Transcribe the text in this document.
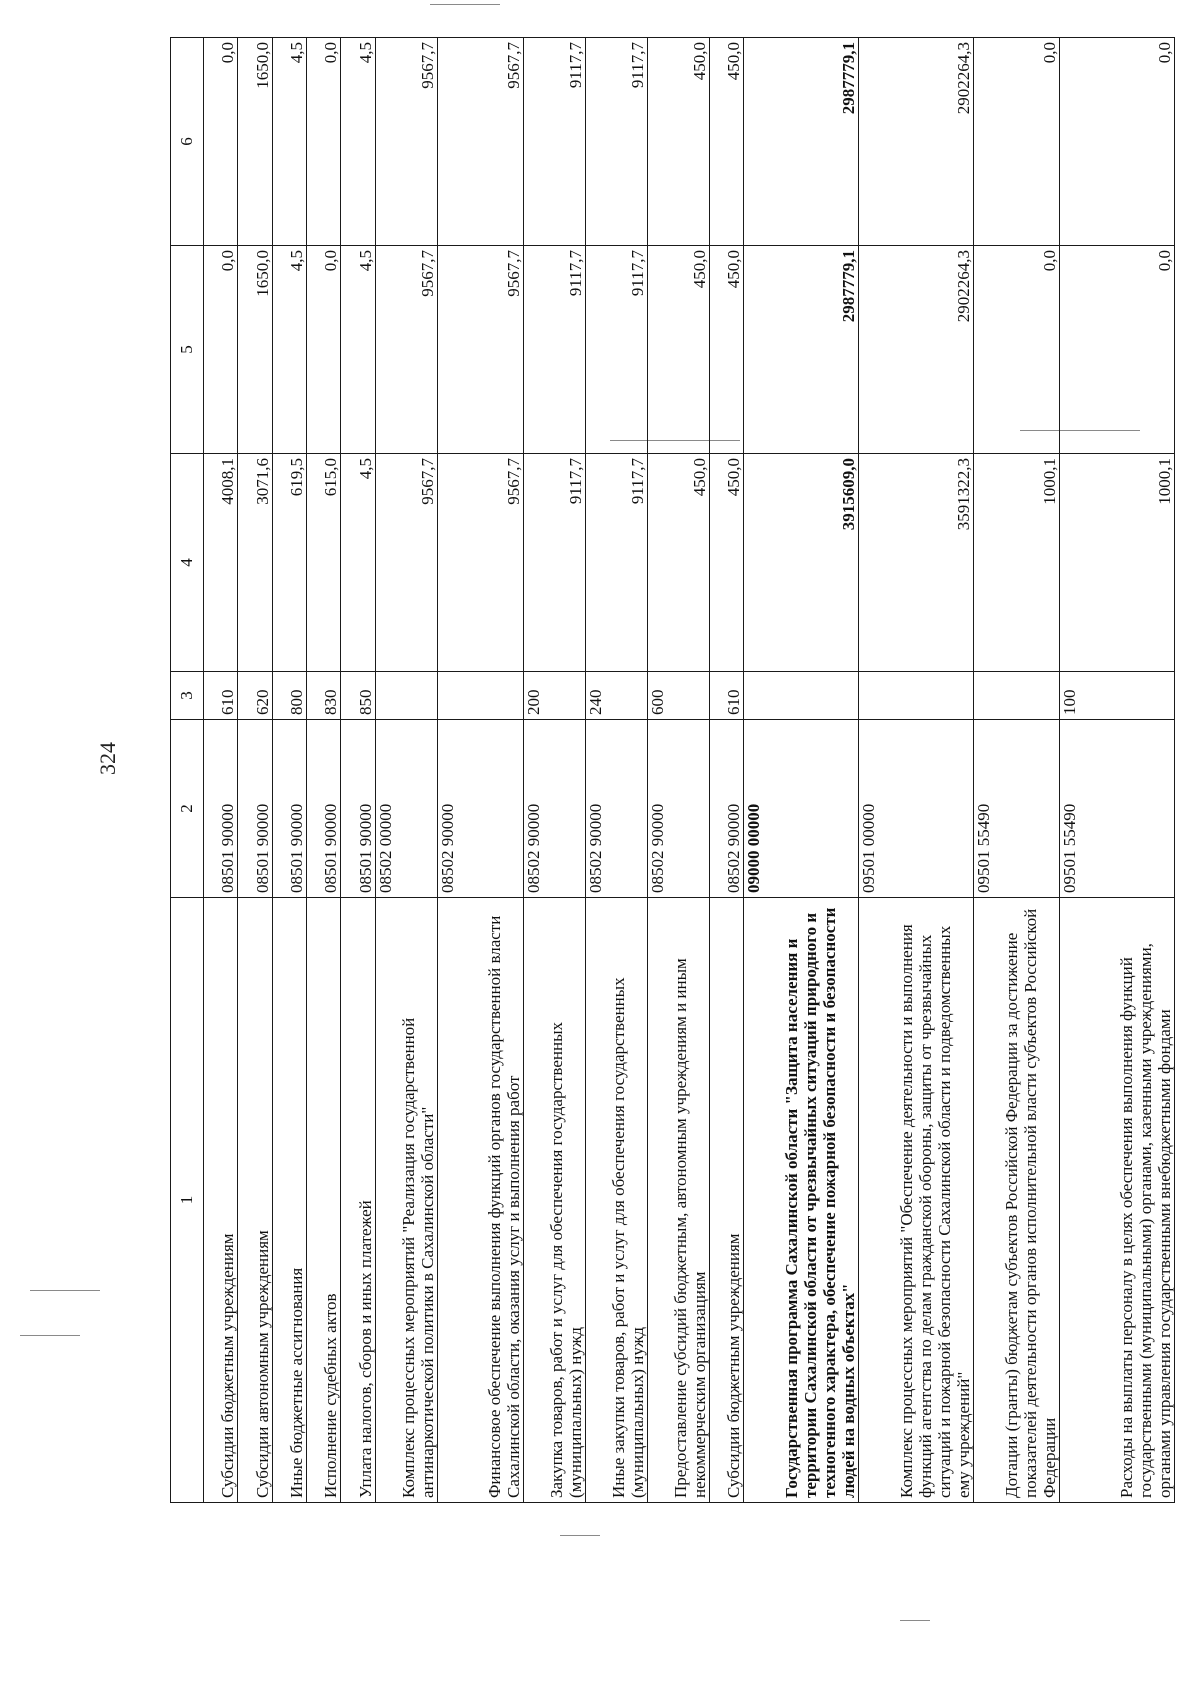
324
1	2	3	4	5	6
Субсидии бюджетным учреждениям	08501 90000	610	4008,1	0,0	0,0
Субсидии автономным учреждениям	08501 90000	620	3071,6	1650,0	1650,0
Иные бюджетные ассигнования	08501 90000	800	619,5	4,5	4,5
Исполнение судебных актов	08501 90000	830	615,0	0,0	0,0
Уплата налогов, сборов и иных платежей	08501 90000	850	4,5	4,5	4,5
Комплекс процессных мероприятий "Реализация государственной антинаркотической политики в Сахалинской области"	08502 00000		9567,7	9567,7	9567,7
Финансовое обеспечение выполнения функций органов государственной власти Сахалинской области, оказания услуг и выполнения работ	08502 90000		9567,7	9567,7	9567,7
Закупка товаров, работ и услуг для обеспечения государственных (муниципальных) нужд	08502 90000	200	9117,7	9117,7	9117,7
Иные закупки товаров, работ и услуг для обеспечения государственных (муниципальных) нужд	08502 90000	240	9117,7	9117,7	9117,7
Предоставление субсидий бюджетным, автономным учреждениям и иным некоммерческим организациям	08502 90000	600	450,0	450,0	450,0
Субсидии бюджетным учреждениям	08502 90000	610	450,0	450,0	450,0
Государственная программа Сахалинской области "Защита населения и территории Сахалинской области от чрезвычайных ситуаций природного и техногенного характера, обеспечение пожарной безопасности и безопасности людей на водных объектах"	09000 00000		3915609,0	2987779,1	2987779,1
Комплекс процессных мероприятий "Обеспечение деятельности и выполнения функций агентства по делам гражданской обороны, защиты от чрезвычайных ситуаций и пожарной безопасности Сахалинской области и подведомственных ему учреждений"	09501 00000		3591322,3	2902264,3	2902264,3
Дотации (гранты) бюджетам субъектов Российской Федерации за достижение показателей деятельности органов исполнительной власти субъектов Российской Федерации	09501 55490		1000,1	0,0	0,0
Расходы на выплаты персоналу в целях обеспечения выполнения функций государственными (муниципальными) органами, казенными учреждениями, органами управления государственными внебюджетными фондами	09501 55490	100	1000,1	0,0	0,0
